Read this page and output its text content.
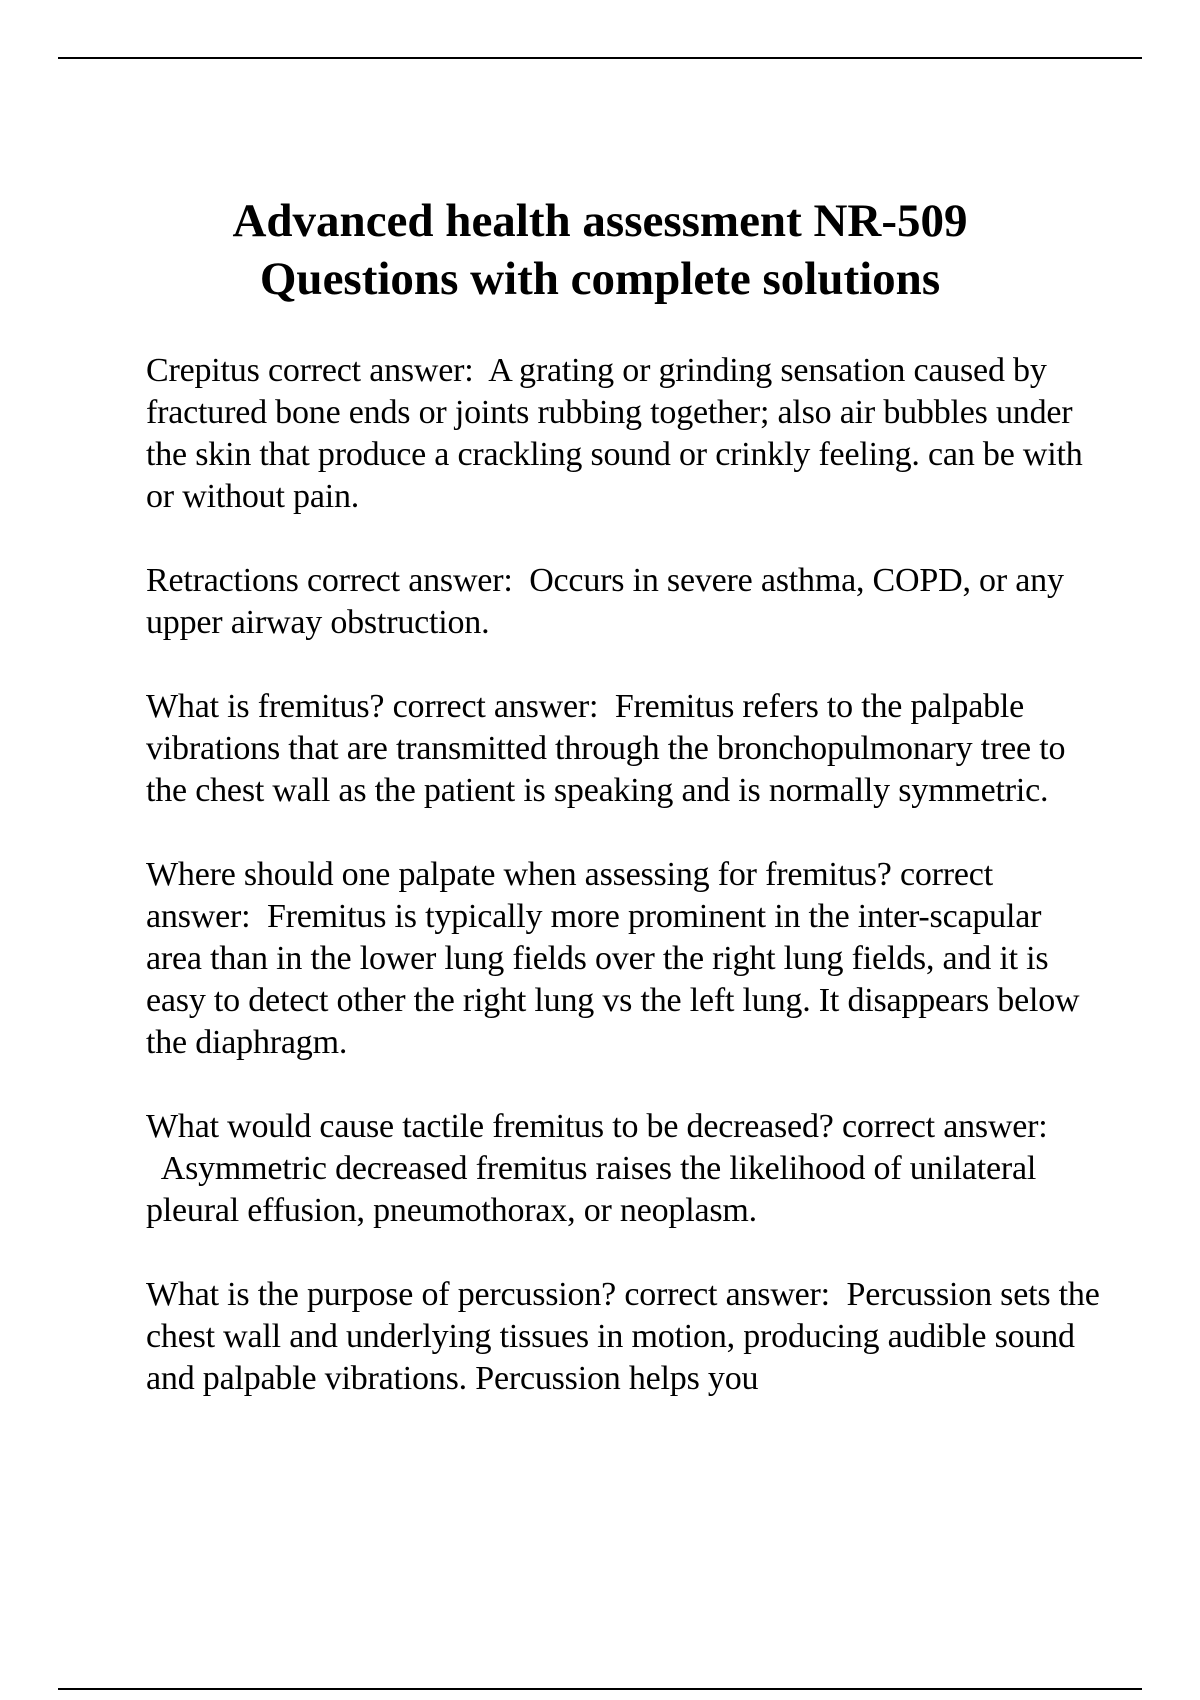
Advanced health assessment NR-509
Questions with complete solutions

Crepitus correct answer: A grating or grinding sensation caused by fractured bone ends or joints rubbing together; also air bubbles under the skin that produce a crackling sound or crinkly feeling. can be with or without pain.

Retractions correct answer: Occurs in severe asthma, COPD, or any upper airway obstruction.

What is fremitus? correct answer: Fremitus refers to the palpable vibrations that are transmitted through the bronchopulmonary tree to the chest wall as the patient is speaking and is normally symmetric.

Where should one palpate when assessing for fremitus? correct answer: Fremitus is typically more prominent in the inter-scapular area than in the lower lung fields over the right lung fields, and it is easy to detect other the right lung vs the left lung. It disappears below the diaphragm.

What would cause tactile fremitus to be decreased? correct answer:  Asymmetric decreased fremitus raises the likelihood of unilateral pleural effusion, pneumothorax, or neoplasm.

What is the purpose of percussion? correct answer: Percussion sets the chest wall and underlying tissues in motion, producing audible sound and palpable vibrations. Percussion helps you
